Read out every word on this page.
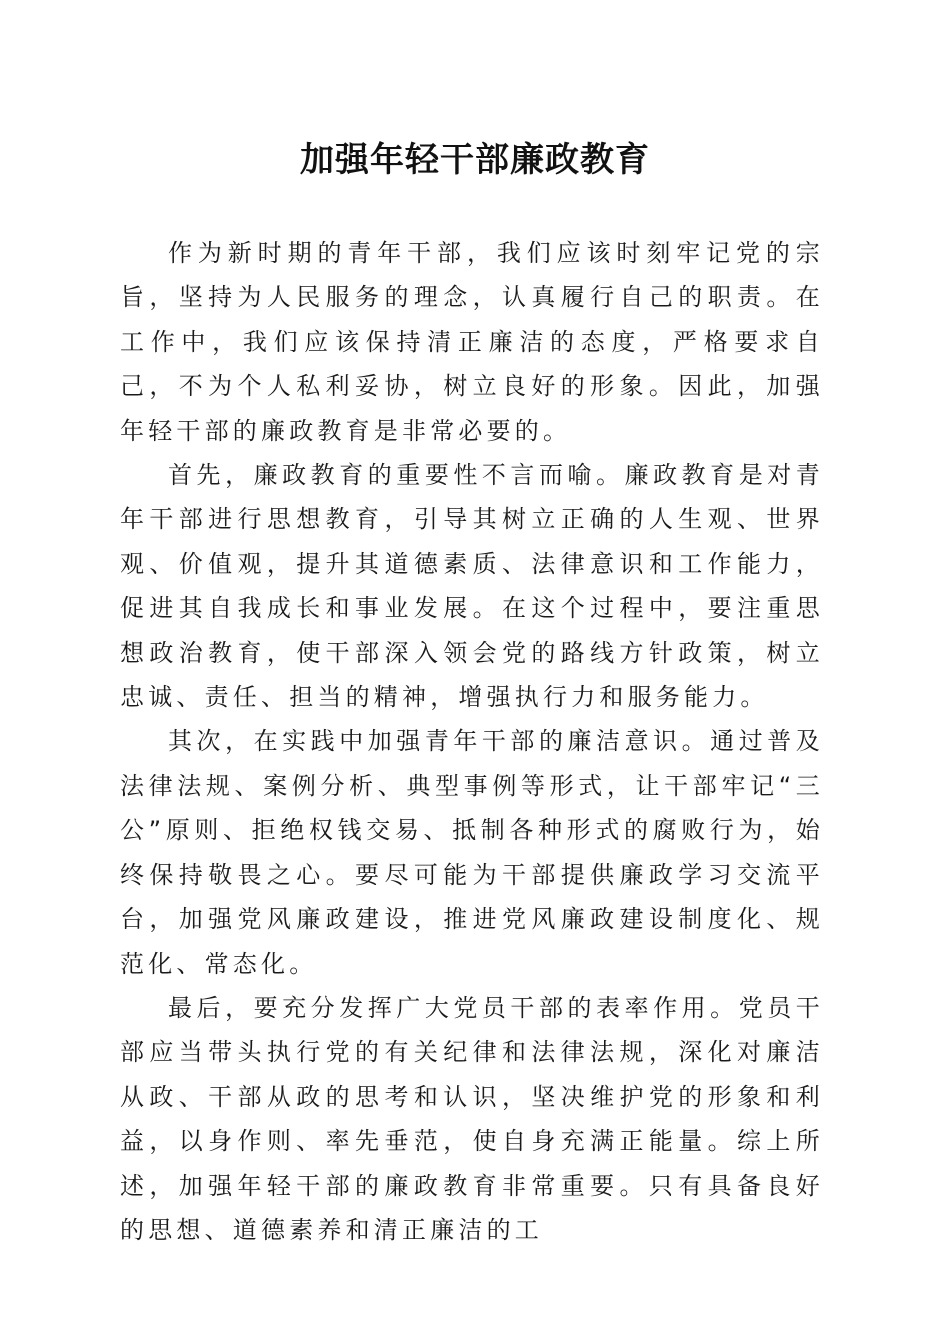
加强年轻干部廉政教育

作为新时期的青年干部，我们应该时刻牢记党的宗旨，坚持为人民服务的理念，认真履行自己的职责。在工作中，我们应该保持清正廉洁的态度，严格要求自己，不为个人私利妥协，树立良好的形象。因此，加强年轻干部的廉政教育是非常必要的。

首先，廉政教育的重要性不言而喻。廉政教育是对青年干部进行思想教育，引导其树立正确的人生观、世界观、价值观，提升其道德素质、法律意识和工作能力，促进其自我成长和事业发展。在这个过程中，要注重思想政治教育，使干部深入领会党的路线方针政策，树立忠诚、责任、担当的精神，增强执行力和服务能力。

其次，在实践中加强青年干部的廉洁意识。通过普及法律法规、案例分析、典型事例等形式，让干部牢记“三公”原则、拒绝权钱交易、抵制各种形式的腐败行为，始终保持敬畏之心。要尽可能为干部提供廉政学习交流平台，加强党风廉政建设，推进党风廉政建设制度化、规范化、常态化。

最后，要充分发挥广大党员干部的表率作用。党员干部应当带头执行党的有关纪律和法律法规，深化对廉洁从政、干部从政的思考和认识，坚决维护党的形象和利益，以身作则、率先垂范，使自身充满正能量。综上所述，加强年轻干部的廉政教育非常重要。只有具备良好的思想、道德素养和清正廉洁的工
